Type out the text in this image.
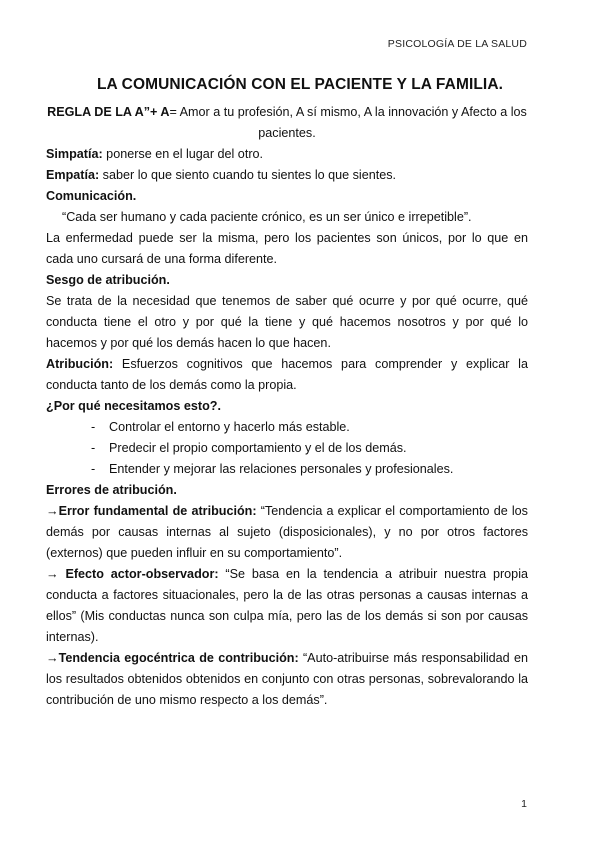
PSICOLOGÍA DE LA SALUD
LA COMUNICACIÓN CON EL PACIENTE Y LA FAMILIA.

REGLA DE LA A”+ A= Amor a tu profesión, A sí mismo, A la innovación y Afecto a los pacientes.

Simpatía: ponerse en el lugar del otro.

Empatía: saber lo que siento cuando tu sientes lo que sientes.

Comunicación.

“Cada ser humano y cada paciente crónico, es un ser único e irrepetible”.

La enfermedad puede ser la misma, pero los pacientes son únicos, por lo que en cada uno cursará de una forma diferente.

Sesgo de atribución.

Se trata de la necesidad que tenemos de saber qué ocurre y por qué ocurre, qué conducta tiene el otro y por qué la tiene y qué hacemos nosotros y por qué lo hacemos y por qué los demás hacen lo que hacen.

Atribución: Esfuerzos cognitivos que hacemos para comprender y explicar la conducta tanto de los demás como la propia.

¿Por qué necesitamos esto?.

- Controlar el entorno y hacerlo más estable.
- Predecir el propio comportamiento y el de los demás.
- Entender y mejorar las relaciones personales y profesionales.

Errores de atribución.

→Error fundamental de atribución: “Tendencia a explicar el comportamiento de los demás por causas internas al sujeto (disposicionales), y no por otros factores (externos) que pueden influir en su comportamiento”.

→ Efecto actor-observador: “Se basa en la tendencia a atribuir nuestra propia conducta a factores situacionales, pero la de las otras personas a causas internas a ellos” (Mis conductas nunca son culpa mía, pero las de los demás si son por causas internas).

→Tendencia egocéntrica de contribución: “Auto-atribuirse más responsabilidad en los resultados obtenidos obtenidos en conjunto con otras personas, sobrevalorando la contribución de uno mismo respecto a los demás”.

1
